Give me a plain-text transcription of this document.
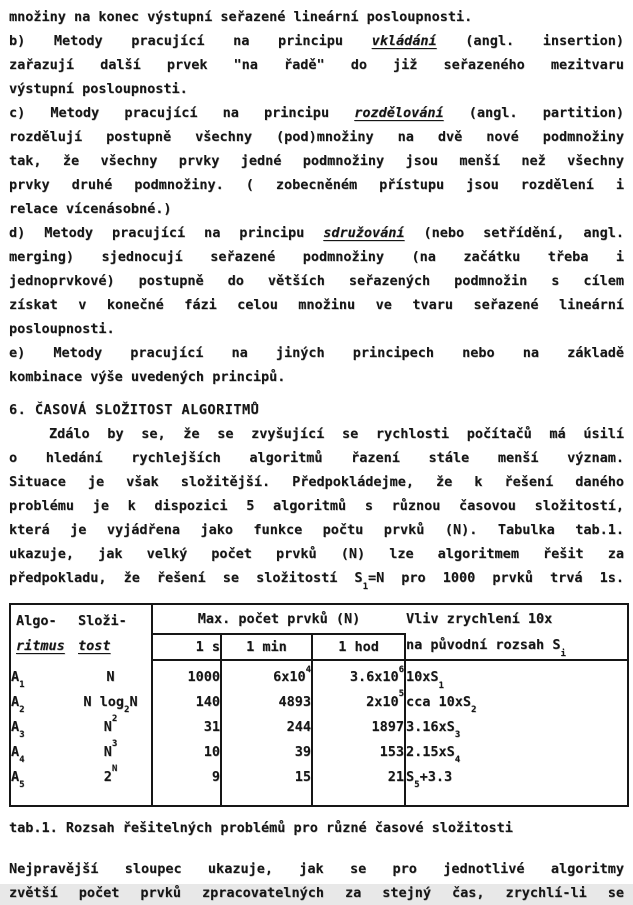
množiny na konec výstupní seřazené lineární posloupnosti.
b) Metody pracující na principu vkládání (angl. insertion)
zařazují další prvek "na řadě" do již seřazeného mezitvaru
výstupní posloupnosti.
c) Metody pracující na principu rozdělování (angl. partition)
rozdělují postupně všechny (pod)množiny na dvě nové podmnožiny
tak, že všechny prvky jedné podmnožiny jsou menší než všechny
prvky druhé podmnožiny. ( zobecněném přístupu jsou rozdělení i
relace vícenásobné.)
d) Metody pracující na principu sdružování (nebo setřídění, angl.
merging) sjednocují seřazené podmnožiny (na začátku třeba i
jednoprvkové) postupně do větších seřazených podmnožin s cílem
získat v konečné fázi celou množinu ve tvaru seřazené lineární
posloupnosti.
e) Metody pracující na jiných principech nebo na základě
kombinace výše uvedených principů.
6. ČASOVÁ SLOŽITOST ALGORITMŮ
Zdálo by se, že se zvyšující se rychlosti počítačů má úsilí
o hledání rychlejších algoritmů řazení stále menší význam.
Situace je však složitější. Předpokládejme, že k řešení daného
problému je k dispozici 5 algoritmů s různou časovou složitostí,
která je vyjádřena jako funkce počtu prvků (N). Tabulka tab.1.
ukazuje, jak velký počet prvků (N) lze algoritmem řešit za
předpokladu, že řešení se složitostí $S_1=N$ pro 1000 prvků trvá 1s.
Algo-
ritmus
Složi-
tost
	Max. počet prvků (N)	Vliv zrychlení 10x
na původní rozsah $S_i$

		1 s	1 min	1 hod	
$A_1$	N	1000	$6x10^4$	$3.6x10^6$	$10xS_1$
$A_2$	N $\log_2N$	140	4893	$2x10^5$	cca $10xS_2$
$A_3$	$N^2$	31	244	1897	$3.16xS_3$
$A_4$	$N^3$	10	39	153	$2.15xS_4$
$A_5$	$2^N$	9	15	21	$S_5+3.3$
tab.1. Rozsah řešitelných problémů pro různé časové složitosti
Nejpravější sloupec ukazuje, jak se pro jednotlivé algoritmy
zvětší počet prvků zpracovatelných za stejný čas, zrychlí-li se
